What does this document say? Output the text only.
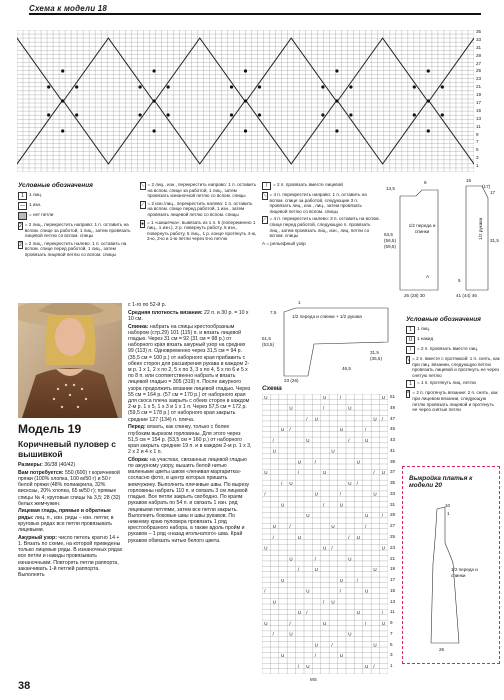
Схема к модели 18
35
33
31
29
27
25
23
21
19
17
15
13
11
9
7
5
3
1
Условные обозначения
1	1 лиц.
— 1 изн.
= нет петли
2 = 2 лиц., перекрестить направо: 1 п. оставить на вспом. спице за работой, 1 лиц., затем провязать лицевой петлю со вспом. спицы
2 = 2 лиц., перекрестить налево: 1 п. оставить на вспом. спице перед работой, 1 лиц., затем провязать лицевой петлю со вспом. спицы
⟍ = 2 лиц., изн., перекрестить направо: 1 п. оставить на вспом. спице за работой, 1 лиц., затем провязать изнаночной петлю со вспом. спицы
⟋ = 2 изн./лиц., перекрестить налево: 1 п. оставить на вспом. спице перед работой, 1 изн., затем провязать лицевой петлю со вспом. спицы
● = 1 «шишечка»: вывязать из 1 п. 5 (попеременно 1 лиц., 1 изн.), 2 р. повернуть работу, 5 изн., повернуть работу, 5 лиц., 1 р. конце протянуть 4-ю, 3-ю, 2-ю и 1-ю петли через 5-ю петлю
/	= 2 п. провязать вместе лицевой
⟍ = 4 п. перекрестить направо: 1 п. оставить на вспом. спице за работой, следующие 3 п. провязать лиц., изн., лиц., затем провязать лицевой петлю со вспом. спицы
⟋ = 4 п. перекрестить налево: 3 п. оставить на вспом. спице перед работой, следующую п. провязать лиц., затем провязать лиц., изн., лиц. петли со вспом. спицы
А = рельефный узор
13,5
8
53,5
(56,5)
(59,5)
1/2 переда и спинки
A
26 (28) 30
16
(17)
17
1/2 рукава
31,5
5
41 (44) 46
Модель 19
Коричневый пуловер с вышивкой

Размеры: 36/38 (40/42)

Вам потребуется: 550 (600) г коричневой пряжи (100% хлопка, 100 м/50 г) и 50 г белой пряжи (48% полиакрила, 32% вискозы, 20% хлопка, 65 м/50 г); прямые спицы № 4; круговые спицы № 3,5; 28 (32) белых жемчужин.

Лицевая гладь, прямые и обратные ряды: лиц. п., изн. ряды – изн. петли; в круговых рядах все петли провязывать лицевыми.

Ажурный узор: число петель кратно 14 + 1. Вязать по схеме, на которой приведены только лицевые ряды. В изнаночных рядах все петли и накиды провязывать изнаночными. Повторять петли раппорта, заканчивать 1-й петлей раппорта. Выполнять

с 1-го по 52-й р.

Средняя плотность вязания: 22 п. и 30 р. = 10 х 10 см.

Спинка: набрать на спицы крестообразным набором (стр.29) 101 (115) п. и вязать лицевой гладью. Через 31 см = 92 (31 см = 98 р.) от наборного края вязать ажурный узор на средних 99 (113) п. Одновременно через 31,5 см = 94 р. (35,5 см = 100 р.) от наборного края прибавить с обеих сторон для расширения рукава в каждом 2-м р. 1 х 1, 2 х по 2, 5 х по 3, 3 х по 4, 5 х по 6 и 5 х по 8 п. или соответственно набрать и вязать лицевой гладью = 305 (319) п. После ажурного узора продолжить вязание лицевой гладью. Через 55 см = 164 р. (57 см = 170 р.) от наборного края для скоса плеча закрыть с обеих сторон в каждом 2-м р. 1 х 5, 1 х 3 и 1 х 1 п. Через 57,5 см = 172 р. (59,5 см = 178 р.) от наборного края закрыть средние 127 (134) п. плеча.

Перед: вязать, как спинку, только с более глубоким вырезом горловины. Для этого через 51,5 см = 154 р. (53,5 см = 160 р.) от наборного края закрыть средние 19 п. и в каждом 2-м р. 1 х 3, 2 х 2 и 4 х 1 п.

Сборка: на участках, связанных лицевой гладью по ажурному узору, вышить белой нитью маленькие цветы швом «ленивая маргаритка» согласно фото, в центр которых пришить жемчужину. Выполнить плечевые швы. По вырезу горловины набрать 110 п. и связать 3 см лицевой гладью. Все петли закрыть свободно. По краям рукавов набрать по 54 п. и связать 1 изн. ряд лицевыми петлями, затем все петли закрыть. Выполнить боковые швы и швы рукавов. По нижнему краю пуловера провязать 1 ряд крестообразного набора, а также вдоль пройм и рукавов – 1 ряд «назад игольчатого» шва. Край рукавов обвязать нитью белого цвета.

1/2 переда и спинки + 1/2 рукава
7,5
1
51,5
(53,5)
31,5
(35,5)
46,5
23 (26)
Схема
U	U	/	U
U	/	U
/ U	U /
U /	U	/
/	U	/	U
U	U
U	/	U
U	/	U	/ U
/ U	U /
/	U	/	U
U	/	U
U	U	/
U	/	U	/
/	U	/ U
U	U /	U
U	/	U
/	U	U
U	U	/
/	U	/	U
U	/ U
U /	U	/
U	/	U	/	U
/	U	U
U	/	U
U	/	U
/ U	U /
51
49
47
45
43
41
39
37
35
33
31
29
27
25
23
21
19
17
15
13
11
9
7
5
3
1
MS
Условные обозначения
1	1 лиц.
U	1 накид
/	= 2 п. провязать вместе лиц.
\ = 2 п. вместе с протяжкой: 1 п. снять, как при лиц. вязании, следующую петлю провязать лицевой и протянуть ее через снятую петлю
1	= 1 п. протянуть лиц. петлю
^ = 2 п. протянуть вязание: 2 п. снять, как при лицевом вязании, следующую петлю провязать лицевой и протянуть ее через снятые петли
Выкройка платья к модели 20
10
1
1/2 переда и спинки
26
38
